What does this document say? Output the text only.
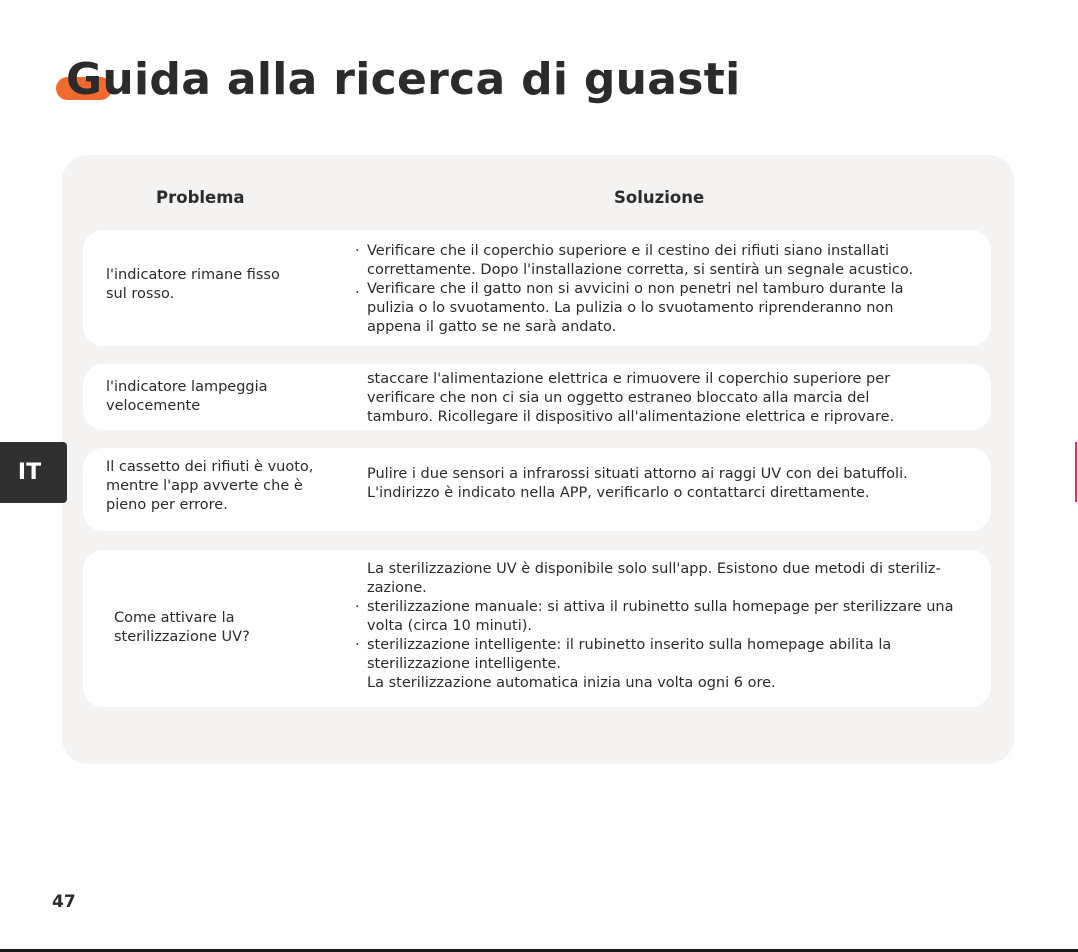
Guida alla ricerca di guasti
Problema	Soluzione
l'indicatore rimane fisso
sul rosso.

· Verificare che il coperchio superiore e il cestino dei rifiuti siano installati
correttamente. Dopo l'installazione corretta, si sentirà un segnale acustico.

. Verificare che il gatto non si avvicini o non penetri nel tamburo durante la
pulizia o lo svuotamento. La pulizia o lo svuotamento riprenderanno non
appena il gatto se ne sarà andato.

l'indicatore lampeggia
velocemente

staccare l'alimentazione elettrica e rimuovere il coperchio superiore per
verificare che non ci sia un oggetto estraneo bloccato alla marcia del
tamburo. Ricollegare il dispositivo all'alimentazione elettrica e riprovare.

Il cassetto dei rifiuti è vuoto,
mentre l'app avverte che è
pieno per errore.

Pulire i due sensori a infrarossi situati attorno ai raggi UV con dei batuffoli.
L'indirizzo è indicato nella APP, verificarlo o contattarci direttamente.

Come attivare la
sterilizzazione UV?

La sterilizzazione UV è disponibile solo sull'app. Esistono due metodi di steriliz-
zazione.

· sterilizzazione manuale: si attiva il rubinetto sulla homepage per sterilizzare una
volta (circa 10 minuti).

· sterilizzazione intelligente: il rubinetto inserito sulla homepage abilita la
sterilizzazione intelligente.

La sterilizzazione automatica inizia una volta ogni 6 ore.

IT
47
